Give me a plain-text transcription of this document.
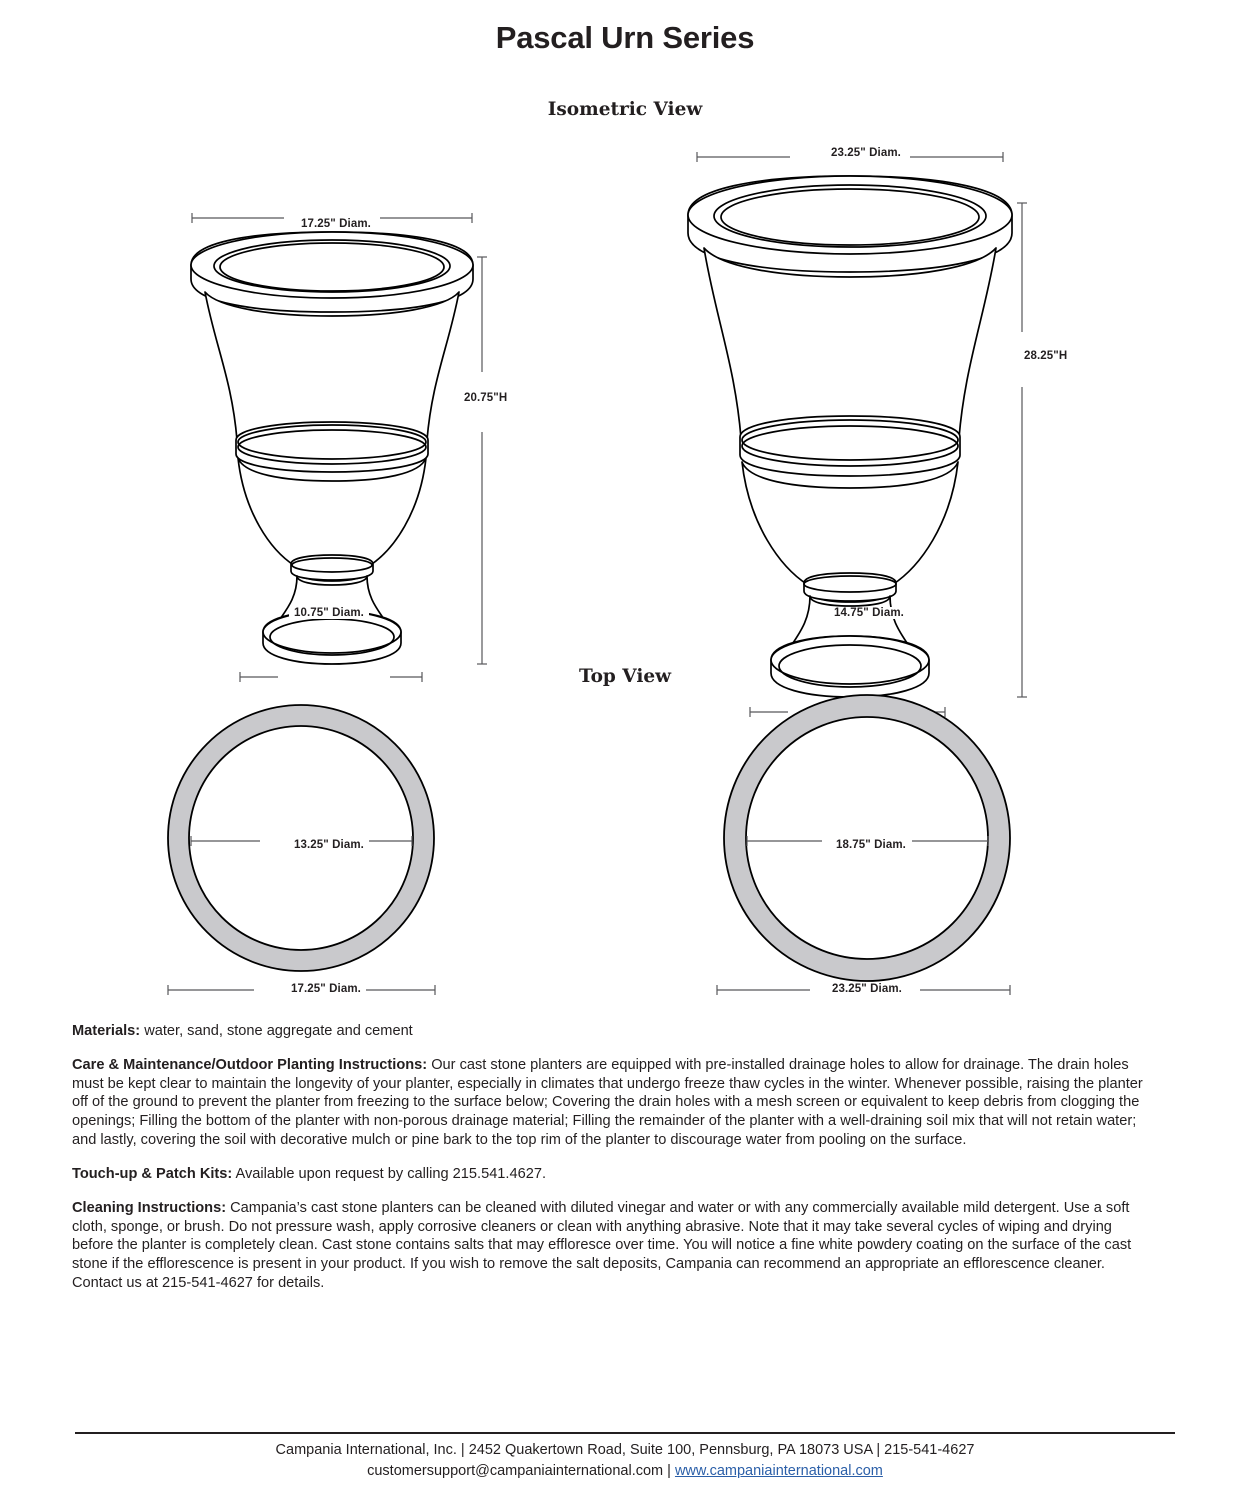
Pascal Urn Series
Isometric View
17.25" Diam.
20.75"H
10.75" Diam.
23.25" Diam.
28.25"H
14.75" Diam.
Top View
13.25" Diam.
17.25" Diam.
18.75" Diam.
23.25" Diam.

Materials: water, sand, stone aggregate and cement

Care & Maintenance/Outdoor Planting Instructions: Our cast stone planters are equipped with pre-installed drainage holes to allow for drainage. The drain holes must be kept clear to maintain the longevity of your planter, especially in climates that undergo freeze thaw cycles in the winter. Whenever possible, raising the planter off of the ground to prevent the planter from freezing to the surface below; Covering the drain holes with a mesh screen or equivalent to keep debris from clogging the openings; Filling the bottom of the planter with non-porous drainage material; Filling the remainder of the planter with a well-draining soil mix that will not retain water; and lastly, covering the soil with decorative mulch or pine bark to the top rim of the planter to discourage water from pooling on the surface.

Touch-up & Patch Kits: Available upon request by calling 215.541.4627.

Cleaning Instructions: Campania’s cast stone planters can be cleaned with diluted vinegar and water or with any commercially available mild detergent. Use a soft cloth, sponge, or brush. Do not pressure wash, apply corrosive cleaners or clean with anything abrasive. Note that it may take several cycles of wiping and drying before the planter is completely clean. Cast stone contains salts that may effloresce over time. You will notice a fine white powdery coating on the surface of the cast stone if the efflorescence is present in your product. If you wish to remove the salt deposits, Campania can recommend an appropriate an efflorescence cleaner. Contact us at 215-541-4627 for details.

Campania International, Inc. | 2452 Quakertown Road, Suite 100, Pennsburg, PA 18073 USA | 215-541-4627
customersupport@campaniainternational.com | www.campaniainternational.com
